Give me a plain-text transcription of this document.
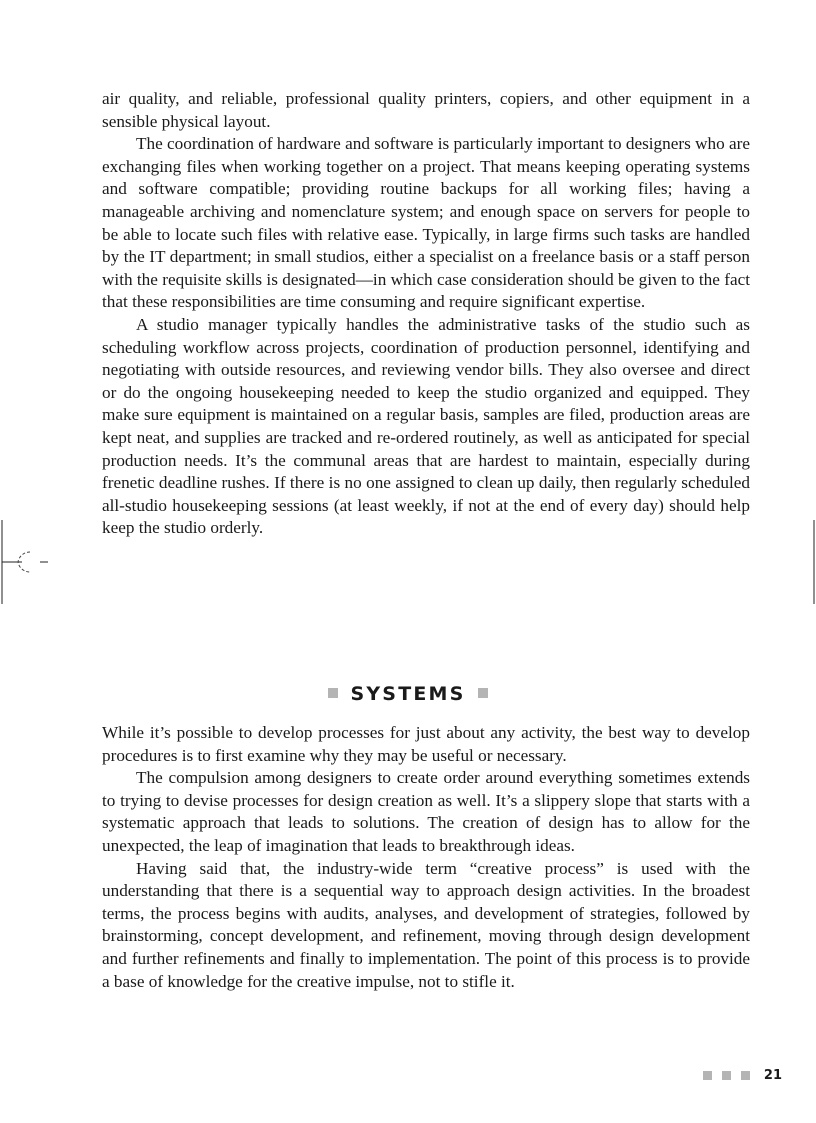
air quality, and reliable, professional quality printers, copiers, and other equipment in a sensible physical layout.

The coordination of hardware and software is particularly important to designers who are exchanging files when working together on a project. That means keeping operating systems and software compatible; providing routine backups for all working files; having a manageable archiving and nomenclature system; and enough space on servers for people to be able to locate such files with relative ease. Typically, in large firms such tasks are handled by the IT department; in small studios, either a specialist on a freelance basis or a staff person with the requisite skills is designated—in which case consideration should be given to the fact that these responsibilities are time consuming and require significant expertise.

A studio manager typically handles the administrative tasks of the studio such as scheduling workflow across projects, coordination of production personnel, identifying and negotiating with outside resources, and reviewing vendor bills. They also oversee and direct or do the ongoing housekeeping needed to keep the studio organized and equipped. They make sure equipment is maintained on a regular basis, samples are filed, production areas are kept neat, and supplies are tracked and re-ordered routinely, as well as anticipated for special production needs. It’s the communal areas that are hardest to maintain, especially during frenetic deadline rushes. If there is no one assigned to clean up daily, then regularly scheduled all-studio housekeeping sessions (at least weekly, if not at the end of every day) should help keep the studio orderly.

SYSTEMS

While it’s possible to develop processes for just about any activity, the best way to develop procedures is to first examine why they may be useful or necessary.

The compulsion among designers to create order around everything sometimes extends to trying to devise processes for design creation as well. It’s a slippery slope that starts with a systematic approach that leads to solutions. The creation of design has to allow for the unexpected, the leap of imagination that leads to breakthrough ideas.

Having said that, the industry-wide term “creative process” is used with the understanding that there is a sequential way to approach design activities. In the broadest terms, the process begins with audits, analyses, and development of strategies, followed by brainstorming, concept development, and refinement, moving through design development and further refinements and finally to implementation. The point of this process is to provide a base of knowledge for the creative impulse, not to stifle it.

21
